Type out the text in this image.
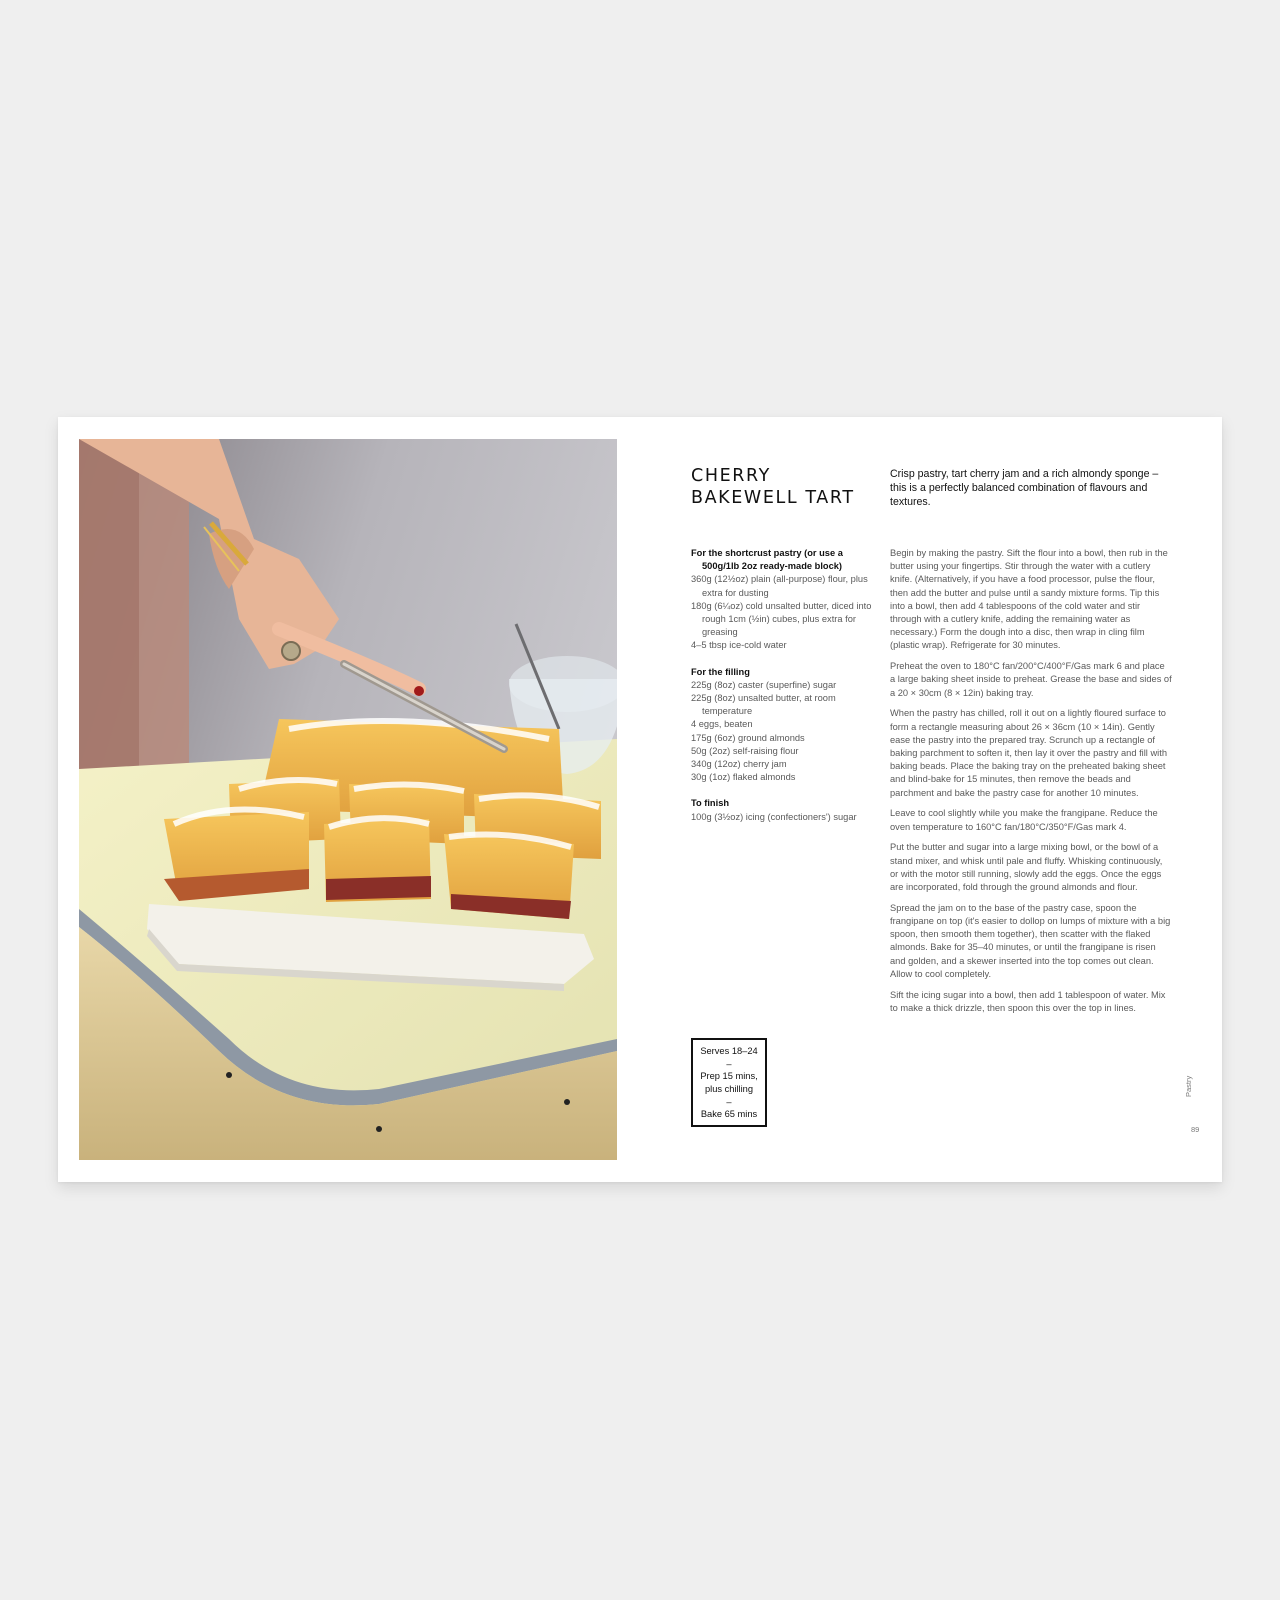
CHERRY
BAKEWELL TART

Crisp pastry, tart cherry jam and a rich almondy sponge – this is a perfectly balanced combination of flavours and textures.

For the shortcrust pastry (or use a 500g/1lb 2oz ready-made block)
360g (12½oz) plain (all-purpose) flour, plus extra for dusting
180g (6¼oz) cold unsalted butter, diced into rough 1cm (½in) cubes, plus extra for greasing
4–5 tbsp ice-cold water
For the filling
225g (8oz) caster (superfine) sugar
225g (8oz) unsalted butter, at room temperature
4 eggs, beaten
175g (6oz) ground almonds
50g (2oz) self-raising flour
340g (12oz) cherry jam
30g (1oz) flaked almonds
To finish
100g (3½oz) icing (confectioners') sugar

Begin by making the pastry. Sift the flour into a bowl, then rub in the butter using your fingertips. Stir through the water with a cutlery knife. (Alternatively, if you have a food processor, pulse the flour, then add the butter and pulse until a sandy mixture forms. Tip this into a bowl, then add 4 tablespoons of the cold water and stir through with a cutlery knife, adding the remaining water as necessary.) Form the dough into a disc, then wrap in cling film (plastic wrap). Refrigerate for 30 minutes.

Preheat the oven to 180°C fan/200°C/400°F/Gas mark 6 and place a large baking sheet inside to preheat. Grease the base and sides of a 20 × 30cm (8 × 12in) baking tray.

When the pastry has chilled, roll it out on a lightly floured surface to form a rectangle measuring about 26 × 36cm (10 × 14in). Gently ease the pastry into the prepared tray. Scrunch up a rectangle of baking parchment to soften it, then lay it over the pastry and fill with baking beads. Place the baking tray on the preheated baking sheet and blind-bake for 15 minutes, then remove the beads and parchment and bake the pastry case for another 10 minutes.

Leave to cool slightly while you make the frangipane. Reduce the oven temperature to 160°C fan/180°C/350°F/Gas mark 4.

Put the butter and sugar into a large mixing bowl, or the bowl of a stand mixer, and whisk until pale and fluffy. Whisking continuously, or with the motor still running, slowly add the eggs. Once the eggs are incorporated, fold through the ground almonds and flour.

Spread the jam on to the base of the pastry case, spoon the frangipane on top (it's easier to dollop on lumps of mixture with a big spoon, then smooth them together), then scatter with the flaked almonds. Bake for 35–40 minutes, or until the frangipane is risen and golden, and a skewer inserted into the top comes out clean. Allow to cool completely.

Sift the icing sugar into a bowl, then add 1 tablespoon of water. Mix to make a thick drizzle, then spoon this over the top in lines.

Serves 18–24
–
Prep 15 mins,
plus chilling
–
Bake 65 mins
Pastry
89
